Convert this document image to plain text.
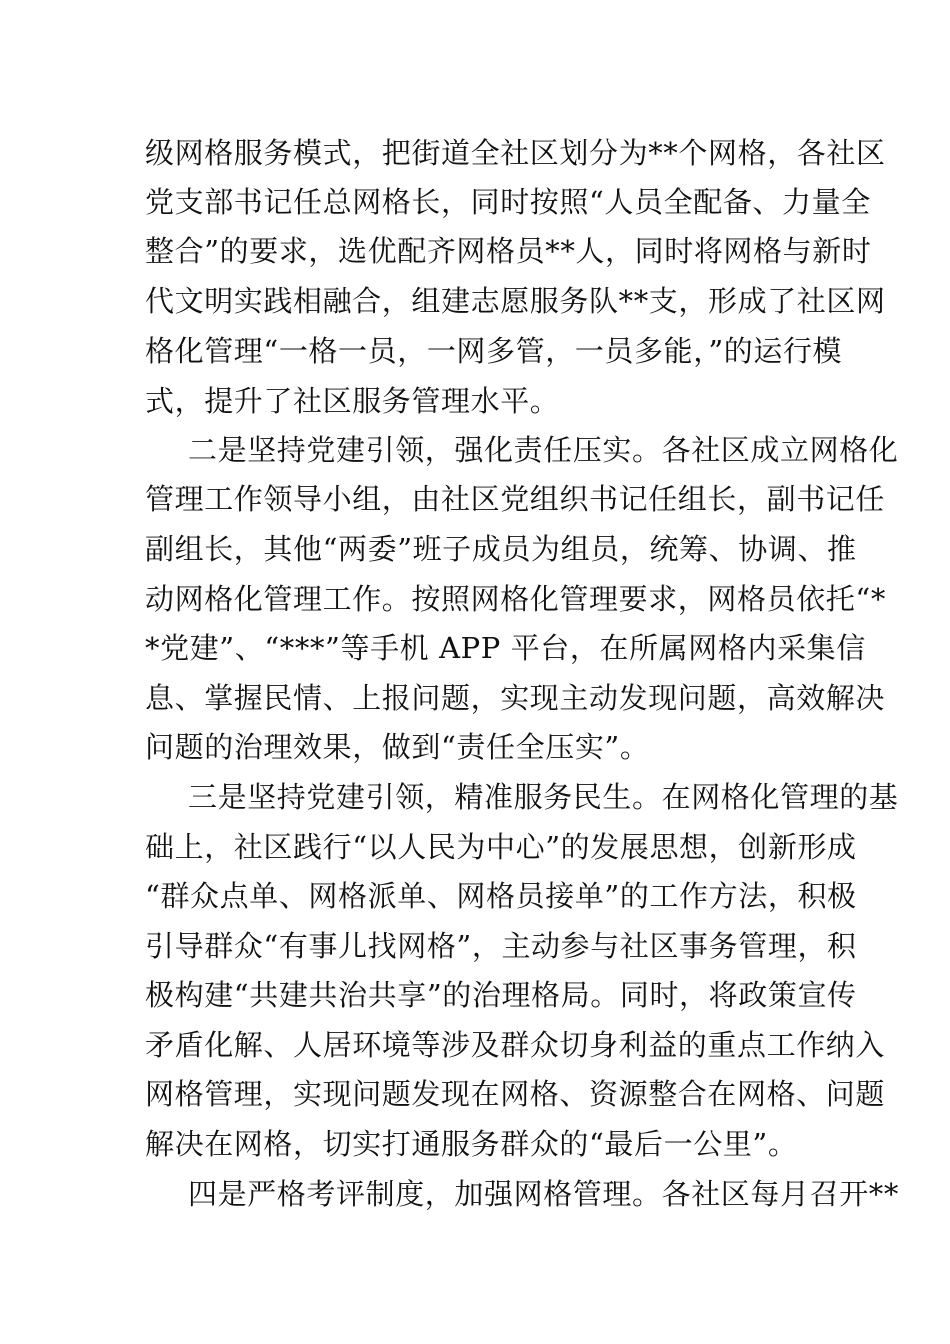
级网格服务模式，把街道全社区划分为**个网格，各社区
党支部书记任总网格长，同时按照“人员全配备、力量全
整合”的要求，选优配齐网格员**人，同时将网格与新时
代文明实践相融合，组建志愿服务队**支，形成了社区网
格化管理“一格一员，一网多管，一员多能，”的运行模
式，提升了社区服务管理水平。
二是坚持党建引领，强化责任压实。各社区成立网格化
管理工作领导小组，由社区党组织书记任组长，副书记任
副组长，其他“两委”班子成员为组员，统筹、协调、推
动网格化管理工作。按照网格化管理要求，网格员依托“*
*党建”、“***”等手机 APP 平台，在所属网格内采集信
息、掌握民情、上报问题，实现主动发现问题，高效解决
问题的治理效果，做到“责任全压实”。
三是坚持党建引领，精准服务民生。在网格化管理的基
础上，社区践行“以人民为中心”的发展思想，创新形成
“群众点单、网格派单、网格员接单”的工作方法，积极
引导群众“有事儿找网格”，主动参与社区事务管理，积
极构建“共建共治共享”的治理格局。同时，将政策宣传
矛盾化解、人居环境等涉及群众切身利益的重点工作纳入
网格管理，实现问题发现在网格、资源整合在网格、问题
解决在网格，切实打通服务群众的“最后一公里”。
四是严格考评制度，加强网格管理。各社区每月召开**
